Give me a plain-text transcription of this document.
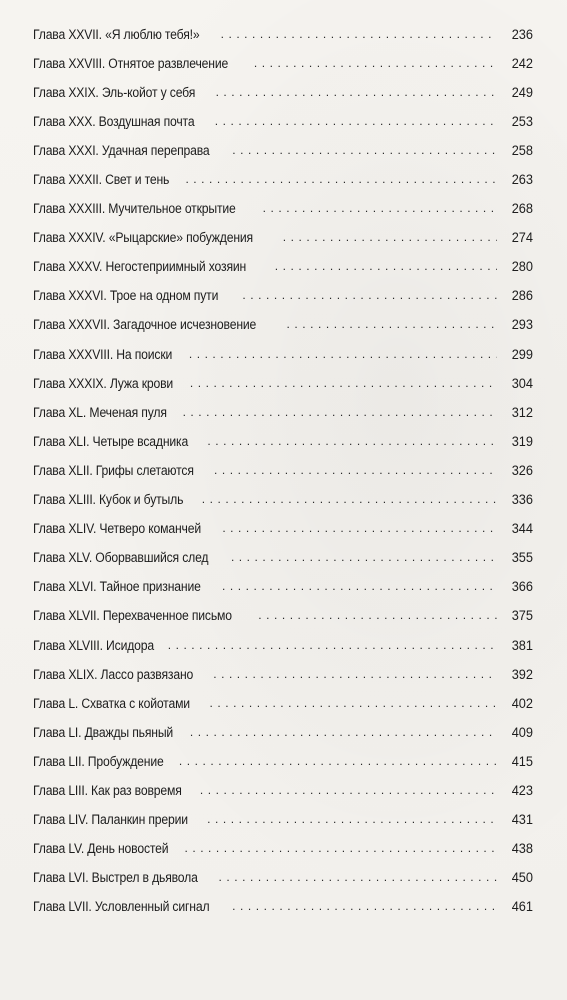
Глава XXVII. «Я люблю тебя!» . . .	236
Глава XXVIII. Отнятое развлечение . . .	242
Глава XXIX. Эль-койот у себя . . .	249
Глава XXX. Воздушная почта . . .	253
Глава XXXI. Удачная переправа . . .	258
Глава XXXII. Свет и тень . . .	263
Глава XXXIII. Мучительное открытие . . .	268
Глава XXXIV. «Рыцарские» побуждения . . .	274
Глава XXXV. Негостеприимный хозяин . . .	280
Глава XXXVI. Трое на одном пути . . .	286
Глава XXXVII. Загадочное исчезновение . . .	293
Глава XXXVIII. На поиски . . .	299
Глава XXXIX. Лужа крови . . .	304
Глава XL. Меченая пуля . . .	312
Глава XLI. Четыре всадника . . .	319
Глава XLII. Грифы слетаются . . .	326
Глава XLIII. Кубок и бутыль . . .	336
Глава XLIV. Четверо команчей . . .	344
Глава XLV. Оборвавшийся след . . .	355
Глава XLVI. Тайное признание . . .	366
Глава XLVII. Перехваченное письмо . . .	375
Глава XLVIII. Исидора . . .	381
Глава XLIX. Лассо развязано . . .	392
Глава L. Схватка с койотами . . .	402
Глава LI. Дважды пьяный . . .	409
Глава LII. Пробуждение . . .	415
Глава LIII. Как раз вовремя . . .	423
Глава LIV. Паланкин прерии . . .	431
Глава LV. День новостей . . .	438
Глава LVI. Выстрел в дьявола . . .	450
Глава LVII. Условленный сигнал . . .	461
